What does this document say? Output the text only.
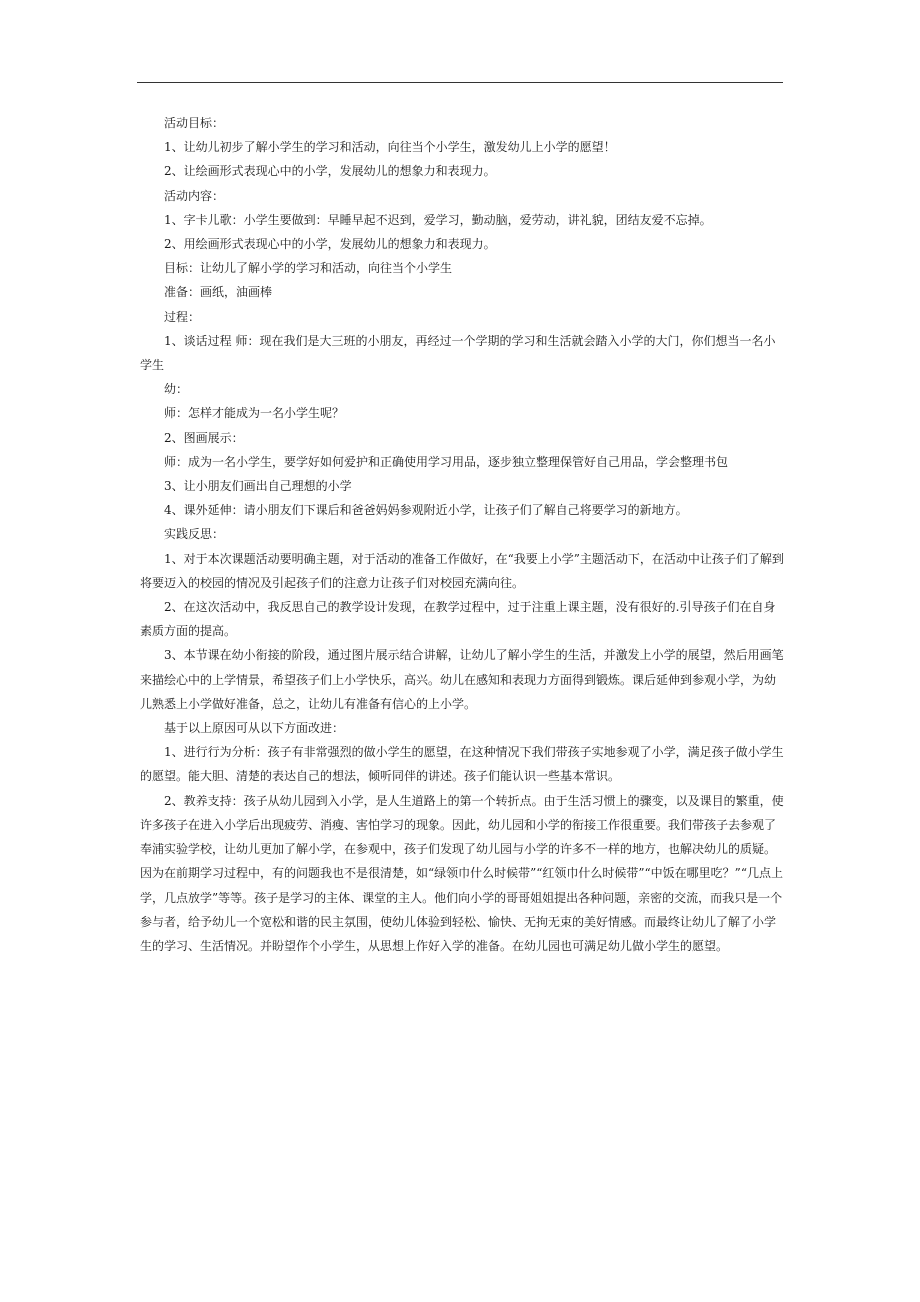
活动目标：

1、让幼儿初步了解小学生的学习和活动，向往当个小学生，激发幼儿上小学的愿望！

2、让绘画形式表现心中的小学，发展幼儿的想象力和表现力。

活动内容：

1、字卡儿歌：小学生要做到：早睡早起不迟到，爱学习，勤动脑，爱劳动，讲礼貌，团结友爱不忘掉。

2、用绘画形式表现心中的小学，发展幼儿的想象力和表现力。

目标：让幼儿了解小学的学习和活动，向往当个小学生

准备：画纸，油画棒

过程：

1、谈话过程 师：现在我们是大三班的小朋友，再经过一个学期的学习和生活就会踏入小学的大门，你们想当一名小学生

幼：

师：怎样才能成为一名小学生呢？

2、图画展示：

师：成为一名小学生，要学好如何爱护和正确使用学习用品，逐步独立整理保管好自己用品，学会整理书包

3、让小朋友们画出自己理想的小学

4、课外延伸：请小朋友们下课后和爸爸妈妈参观附近小学，让孩子们了解自己将要学习的新地方。

实践反思：

1、对于本次课题活动要明确主题，对于活动的准备工作做好，在“我要上小学”主题活动下，在活动中让孩子们了解到将要迈入的校园的情况及引起孩子们的注意力让孩子们对校园充满向往。

2、在这次活动中，我反思自己的教学设计发现，在教学过程中，过于注重上课主题，没有很好的.引导孩子们在自身素质方面的提高。

3、本节课在幼小衔接的阶段，通过图片展示结合讲解，让幼儿了解小学生的生活，并激发上小学的展望，然后用画笔来描绘心中的上学情景，希望孩子们上小学快乐，高兴。幼儿在感知和表现力方面得到锻炼。课后延伸到参观小学，为幼儿熟悉上小学做好准备，总之，让幼儿有准备有信心的上小学。

基于以上原因可从以下方面改进：

1、进行行为分析：孩子有非常强烈的做小学生的愿望，在这种情况下我们带孩子实地参观了小学，满足孩子做小学生的愿望。能大胆、清楚的表达自己的想法，倾听同伴的讲述。孩子们能认识一些基本常识。

2、教养支持：孩子从幼儿园到入小学，是人生道路上的第一个转折点。由于生活习惯上的骤变，以及课目的繁重，使许多孩子在进入小学后出现疲劳、消瘦、害怕学习的现象。因此，幼儿园和小学的衔接工作很重要。我们带孩子去参观了奉浦实验学校，让幼儿更加了解小学，在参观中，孩子们发现了幼儿园与小学的许多不一样的地方，也解决幼儿的质疑。因为在前期学习过程中，有的问题我也不是很清楚，如“绿领巾什么时候带”“红领巾什么时候带”“中饭在哪里吃？”“几点上学，几点放学”等等。孩子是学习的主体、课堂的主人。他们向小学的哥哥姐姐提出各种问题，亲密的交流，而我只是一个参与者，给予幼儿一个宽松和谐的民主氛围，使幼儿体验到轻松、愉快、无拘无束的美好情感。而最终让幼儿了解了小学生的学习、生活情况。并盼望作个小学生，从思想上作好入学的准备。在幼儿园也可满足幼儿做小学生的愿望。
